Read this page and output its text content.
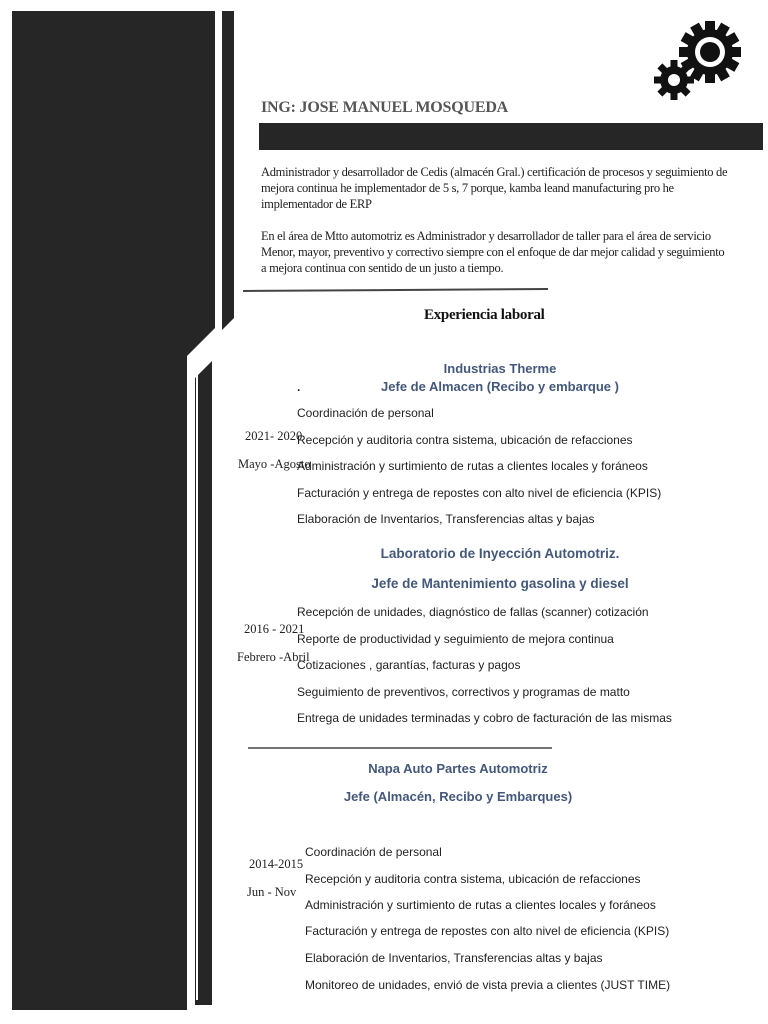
ING: JOSE MANUEL MOSQUEDA
Administrador y desarrollador de Cedis (almacén Gral.) certificación de procesos y seguimiento de mejora continua he implementador de 5 s, 7 porque, kamba leand manufacturing pro he implementador de ERP
En el área de Mtto automotriz es Administrador y desarrollador de taller para el área de servicio Menor, mayor, preventivo y correctivo siempre con el enfoque de dar mejor calidad y seguimiento a mejora continua con sentido de un justo a tiempo.
Experiencia laboral
Industrias Therme
.	Jefe de Almacen (Recibo y embarque )
2021- 2020
Mayo -Agosto
Coordinación de personal
Recepción y auditoria contra sistema, ubicación de refacciones
Administración y surtimiento de rutas a clientes locales y foráneos
Facturación y entrega de repostes con alto nivel de eficiencia (KPIS)
Elaboración de Inventarios, Transferencias altas y bajas
Laboratorio de Inyección Automotriz.
Jefe de Mantenimiento gasolina y diesel
2016 - 2021
Febrero -Abril
Recepción de unidades, diagnóstico de fallas (scanner) cotización
Reporte de productividad y seguimiento de mejora continua
Cotizaciones , garantías, facturas y pagos
Seguimiento de preventivos, correctivos y programas de matto
Entrega de unidades terminadas y cobro de facturación de las mismas
Napa Auto Partes Automotriz
Jefe (Almacén, Recibo y Embarques)
2014-2015
Jun - Nov
Coordinación de personal
Recepción y auditoria contra sistema, ubicación de refacciones
Administración y surtimiento de rutas a clientes locales y foráneos
Facturación y entrega de repostes con alto nivel de eficiencia (KPIS)
Elaboración de Inventarios, Transferencias altas y bajas
Monitoreo de unidades, envió de vista previa a clientes (JUST TIME)
